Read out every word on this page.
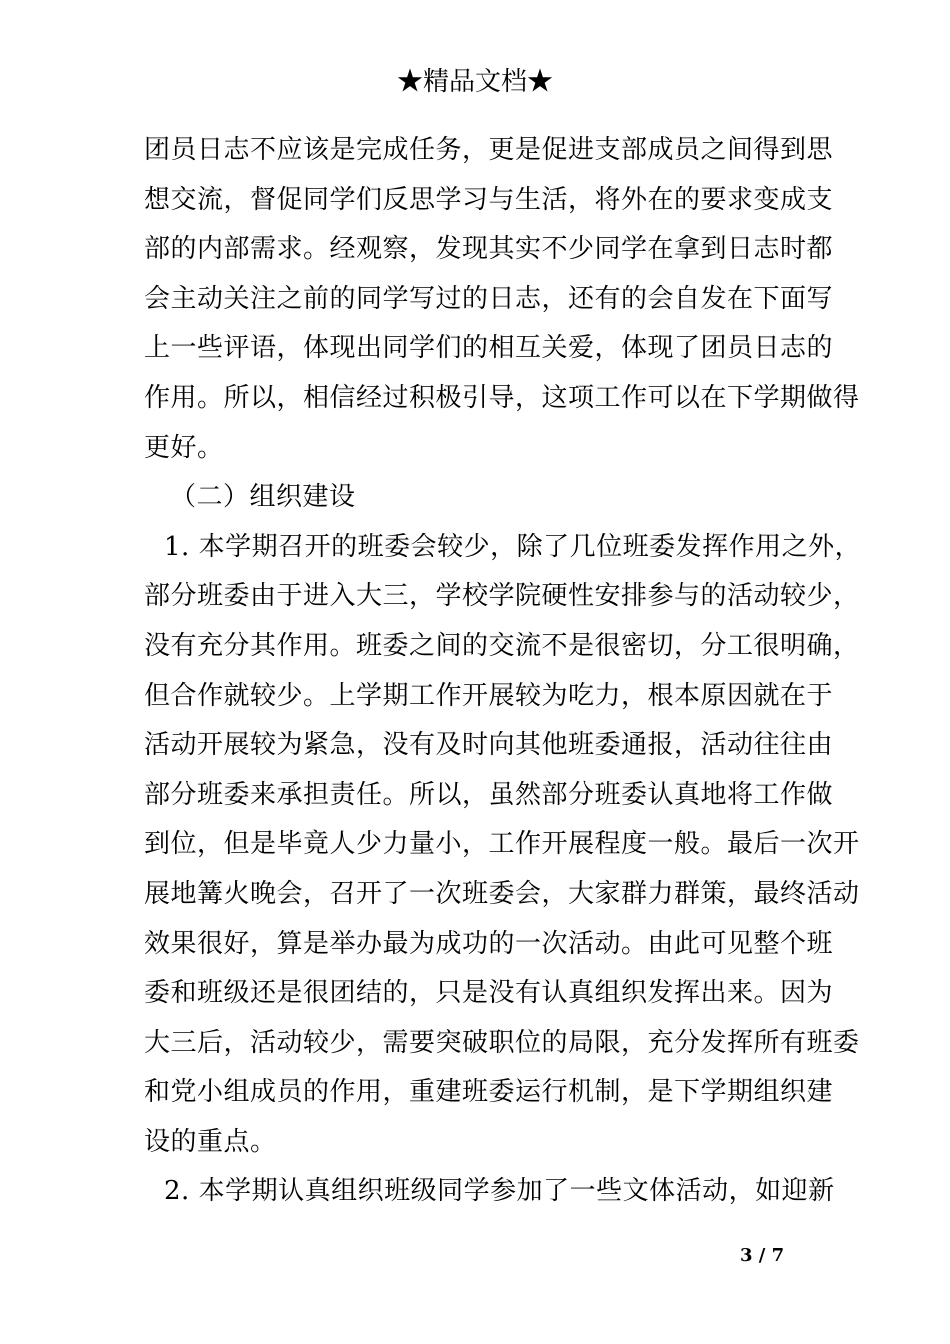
★精品文档★
团员日志不应该是完成任务，更是促进支部成员之间得到思
想交流，督促同学们反思学习与生活，将外在的要求变成支
部的内部需求。经观察，发现其实不少同学在拿到日志时都
会主动关注之前的同学写过的日志，还有的会自发在下面写
上一些评语，体现出同学们的相互关爱，体现了团员日志的
作用。所以，相信经过积极引导，这项工作可以在下学期做得
更好。
（二）组织建设
1. 本学期召开的班委会较少，除了几位班委发挥作用之外，
部分班委由于进入大三，学校学院硬性安排参与的活动较少，
没有充分其作用。班委之间的交流不是很密切，分工很明确，
但合作就较少。上学期工作开展较为吃力，根本原因就在于
活动开展较为紧急，没有及时向其他班委通报，活动往往由
部分班委来承担责任。所以，虽然部分班委认真地将工作做
到位，但是毕竟人少力量小，工作开展程度一般。最后一次开
展地篝火晚会，召开了一次班委会，大家群力群策，最终活动
效果很好，算是举办最为成功的一次活动。由此可见整个班
委和班级还是很团结的，只是没有认真组织发挥出来。因为
大三后，活动较少，需要突破职位的局限，充分发挥所有班委
和党小组成员的作用，重建班委运行机制，是下学期组织建
设的重点。
2. 本学期认真组织班级同学参加了一些文体活动，如迎新
3 / 7
